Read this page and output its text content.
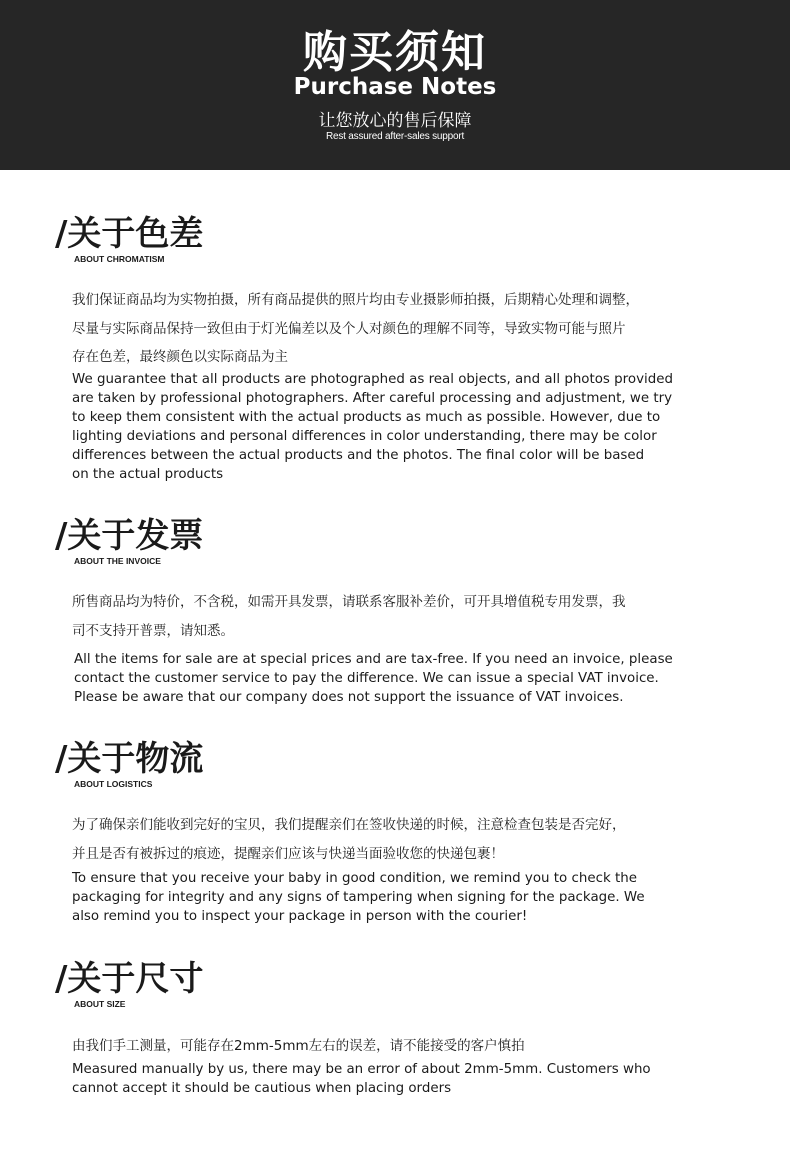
购买须知
Purchase Notes
让您放心的售后保障
Rest assured after-sales support
/关于色差
ABOUT CHROMATISM
我们保证商品均为实物拍摄，所有商品提供的照片均由专业摄影师拍摄，后期精心处理和调整，
尽量与实际商品保持一致但由于灯光偏差以及个人对颜色的理解不同等，导致实物可能与照片
存在色差，最终颜色以实际商品为主
We guarantee that all products are photographed as real objects, and all photos provided
are taken by professional photographers. After careful processing and adjustment, we try
to keep them consistent with the actual products as much as possible. However, due to
lighting deviations and personal differences in color understanding, there may be color
differences between the actual products and the photos. The final color will be based
on the actual products
/关于发票
ABOUT THE INVOICE
所售商品均为特价，不含税，如需开具发票，请联系客服补差价，可开具增值税专用发票，我
司不支持开普票，请知悉。
All the items for sale are at special prices and are tax-free. If you need an invoice, please
contact the customer service to pay the difference. We can issue a special VAT invoice.
Please be aware that our company does not support the issuance of VAT invoices.
/关于物流
ABOUT LOGISTICS
为了确保亲们能收到完好的宝贝，我们提醒亲们在签收快递的时候，注意检查包装是否完好，
并且是否有被拆过的痕迹，提醒亲们应该与快递当面验收您的快递包裹！
To ensure that you receive your baby in good condition, we remind you to check the
packaging for integrity and any signs of tampering when signing for the package. We
also remind you to inspect your package in person with the courier!
/关于尺寸
ABOUT SIZE
由我们手工测量，可能存在2mm-5mm左右的误差，请不能接受的客户慎拍
Measured manually by us, there may be an error of about 2mm-5mm. Customers who
cannot accept it should be cautious when placing orders
